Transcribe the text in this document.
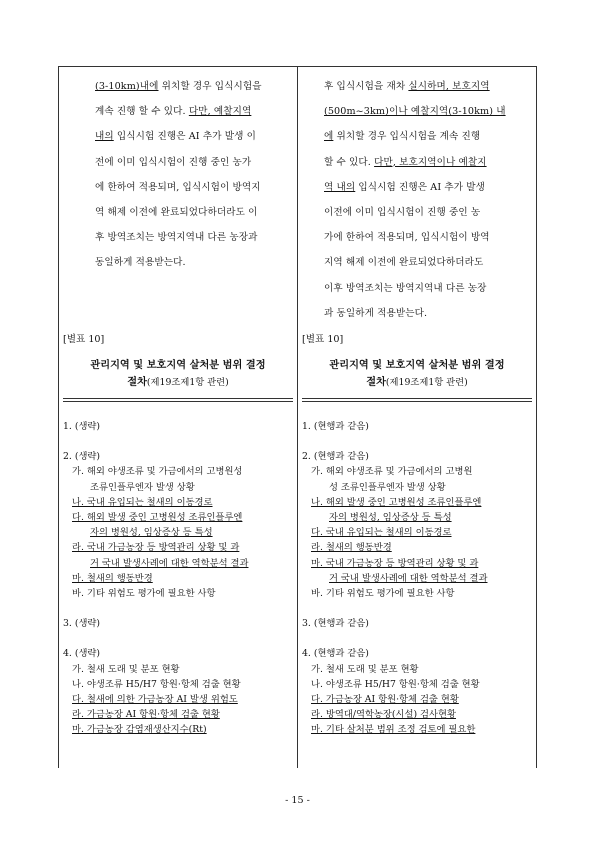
(3-10km)내에 위치할 경우 입식시험을
계속 진행 할 수 있다. 다만, 예찰지역
내의 입식시험 진행은 AI 추가 발생 이
전에 이미 입식시험이 진행 중인 농가
에 한하여 적용되며, 입식시험이 방역지
역 해제 이전에 완료되었다하더라도 이
후 방역조치는 방역지역내 다른 농장과
동일하게 적용받는다.
[별표 10]
관리지역 및 보호지역 살처분 범위 결정
절차(제19조제1항 관련)
1. (생략)
2. (생략)
가. 해외 야생조류 및 가금에서의 고병원성
조류인플루엔자 발생 상황
나. 국내 유입되는 철새의 이동경로
다. 해외 발생 중인 고병원성 조류인플루엔
자의 병원성, 임상증상 등 특성
라. 국내 가금농장 등 방역관리 상황 및 과
거 국내 발생사례에 대한 역학분석 결과
마. 철새의 행동반경
바. 기타 위험도 평가에 필요한 사항
3. (생략)
4. (생략)
가. 철새 도래 및 분포 현황
나. 야생조류 H5/H7 항원·항체 검출 현황
다. 철새에 의한 가금농장 AI 발생 위험도
라. 가금농장 AI 항원·항체 검출 현황
마. 가금농장 감염재생산지수(Rt)
후 입식시험을 재차 실시하며, 보호지역
(500m~3km)이나 예찰지역(3-10km) 내
에 위치할 경우 입식시험을 계속 진행
할 수 있다. 다만, 보호지역이나 예찰지
역 내의 입식시험 진행은 AI 추가 발생
이전에 이미 입식시험이 진행 중인 농
가에 한하여 적용되며, 입식시험이 방역
지역 해제 이전에 완료되었다하더라도
이후 방역조치는 방역지역내 다른 농장
과 동일하게 적용받는다.
[별표 10]
관리지역 및 보호지역 살처분 범위 결정
절차(제19조제1항 관련)
1. (현행과 같음)
2. (현행과 같음)
가. 해외 야생조류 및 가금에서의 고병원
성 조류인플루엔자 발생 상황
나. 해외 발생 중인 고병원성 조류인플루엔
자의 병원성, 임상증상 등 특성
다. 국내 유입되는 철새의 이동경로
라. 철새의 행동반경
마. 국내 가금농장 등 방역관리 상황 및 과
거 국내 발생사례에 대한 역학분석 결과
바. 기타 위험도 평가에 필요한 사항
3. (현행과 같음)
4. (현행과 같음)
가. 철새 도래 및 분포 현황
나. 야생조류 H5/H7 항원·항체 검출 현황
다. 가금농장 AI 항원·항체 검출 현황
라. 방역대/역학농장(시설) 검사현황
마. 기타 살처분 범위 조정 검토에 필요한
- 15 -
